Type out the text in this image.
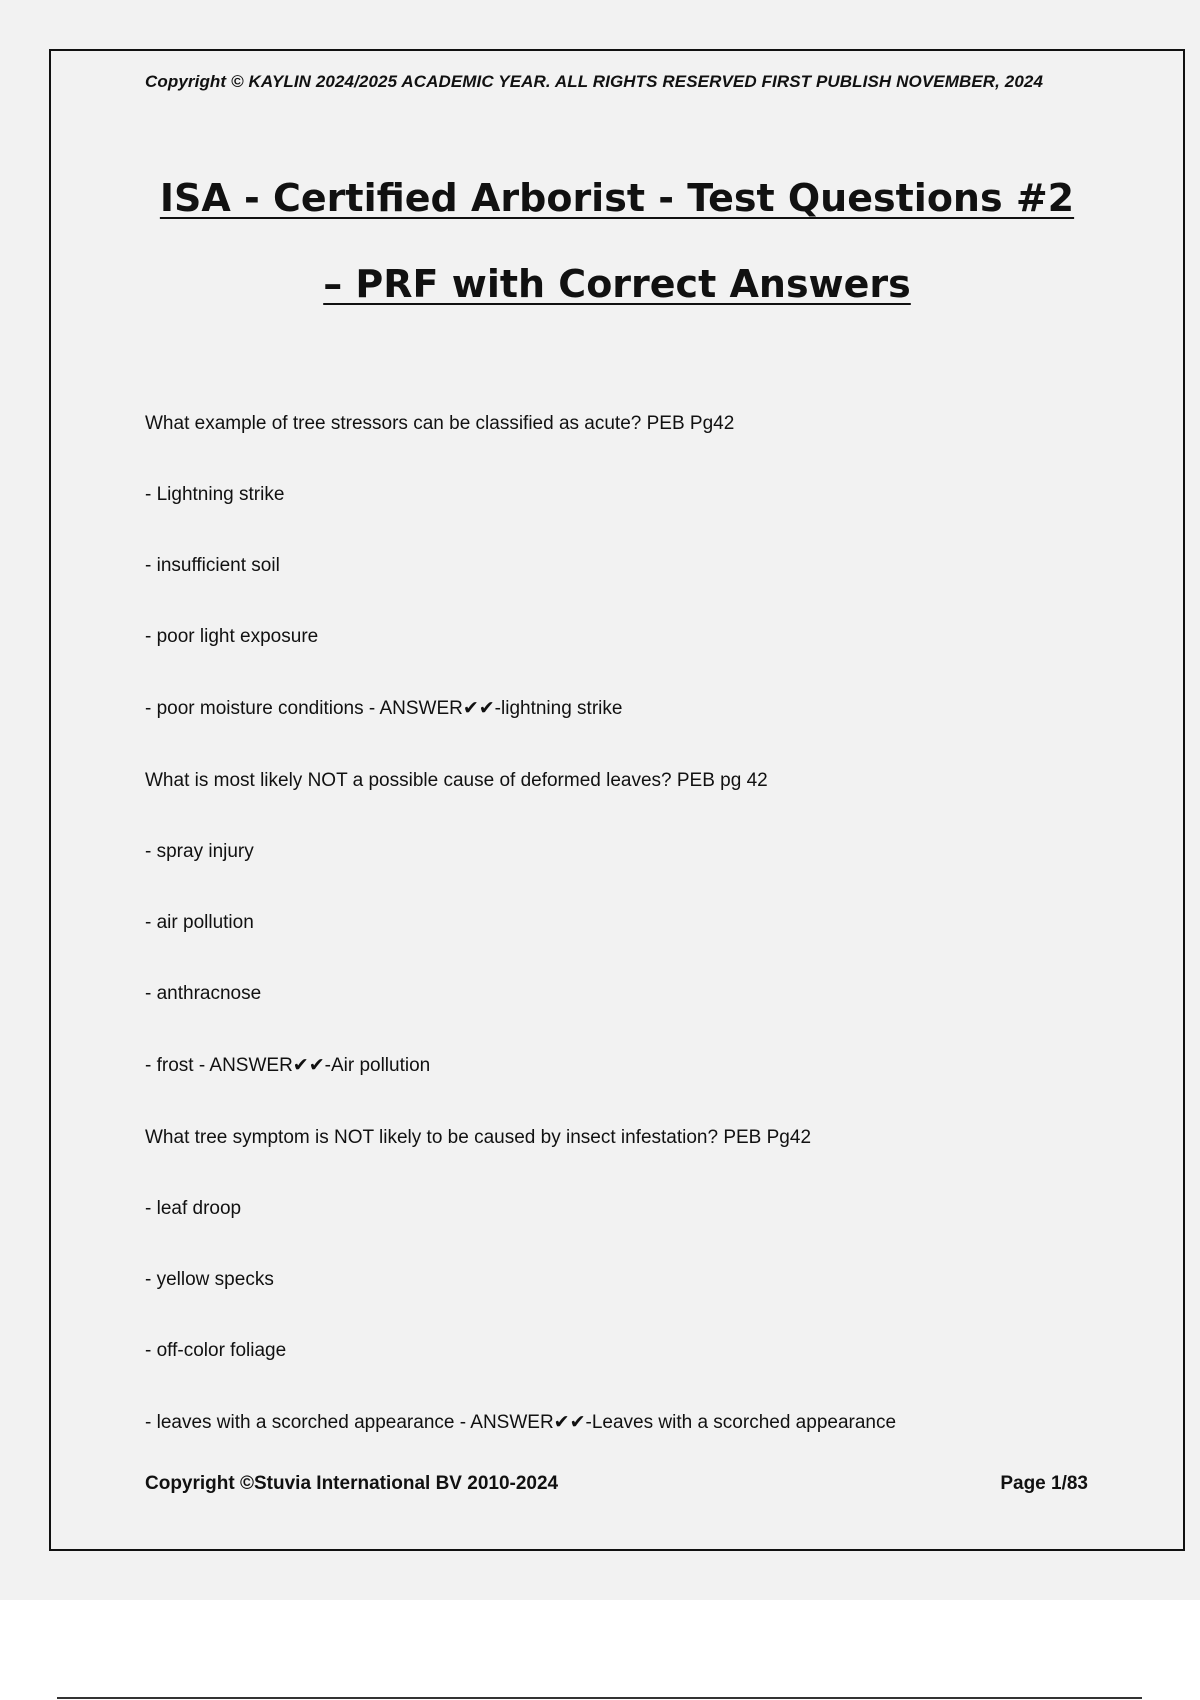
Copyright © KAYLIN 2024/2025 ACADEMIC YEAR. ALL RIGHTS RESERVED FIRST PUBLISH NOVEMBER, 2024
ISA - Certified Arborist - Test Questions #2
– PRF with Correct Answers
What example of tree stressors can be classified as acute? PEB Pg42
- Lightning strike
- insufficient soil
- poor light exposure
- poor moisture conditions - ANSWER✔✔-lightning strike
What is most likely NOT a possible cause of deformed leaves? PEB pg 42
- spray injury
- air pollution
- anthracnose
- frost - ANSWER✔✔-Air pollution
What tree symptom is NOT likely to be caused by insect infestation? PEB Pg42
- leaf droop
- yellow specks
- off-color foliage
- leaves with a scorched appearance - ANSWER✔✔-Leaves with a scorched appearance
Copyright ©Stuvia International BV 2010-2024	Page 1/83
